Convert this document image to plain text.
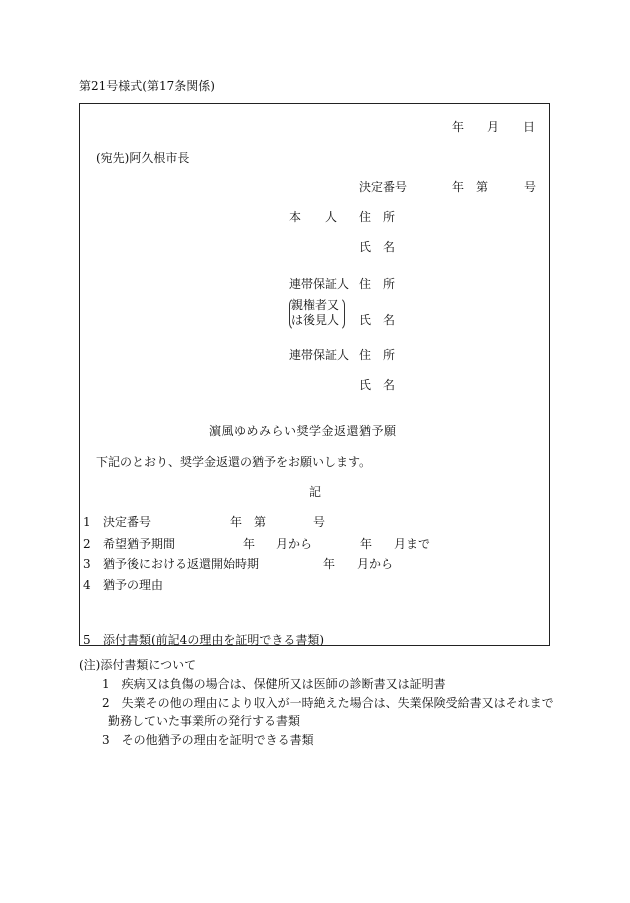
第21号様式(第17条関係)
年 月 日
(宛先)阿久根市長
決定番号	年 第	号
本　　人 住　所
氏　名
連帯保証人 住　所
親権者又
は後見人 氏　名
連帯保証人 住　所
氏　名
濵風ゆめみらい奨学金返還猶予願
下記のとおり、奨学金返還の猶予をお願いします。
記
1 決定番号	年 第	号
2 希望猶予期間	年 月から	年 月まで
3 猶予後における返還開始時期	年 月から
4 猶予の理由
5 添付書類(前記4の理由を証明できる書類)
(注)添付書類について
1　疾病又は負傷の場合は、保健所又は医師の診断書又は証明書
2　失業その他の理由により収入が一時絶えた場合は、失業保険受給書又はそれまで
勤務していた事業所の発行する書類
3　その他猶予の理由を証明できる書類
